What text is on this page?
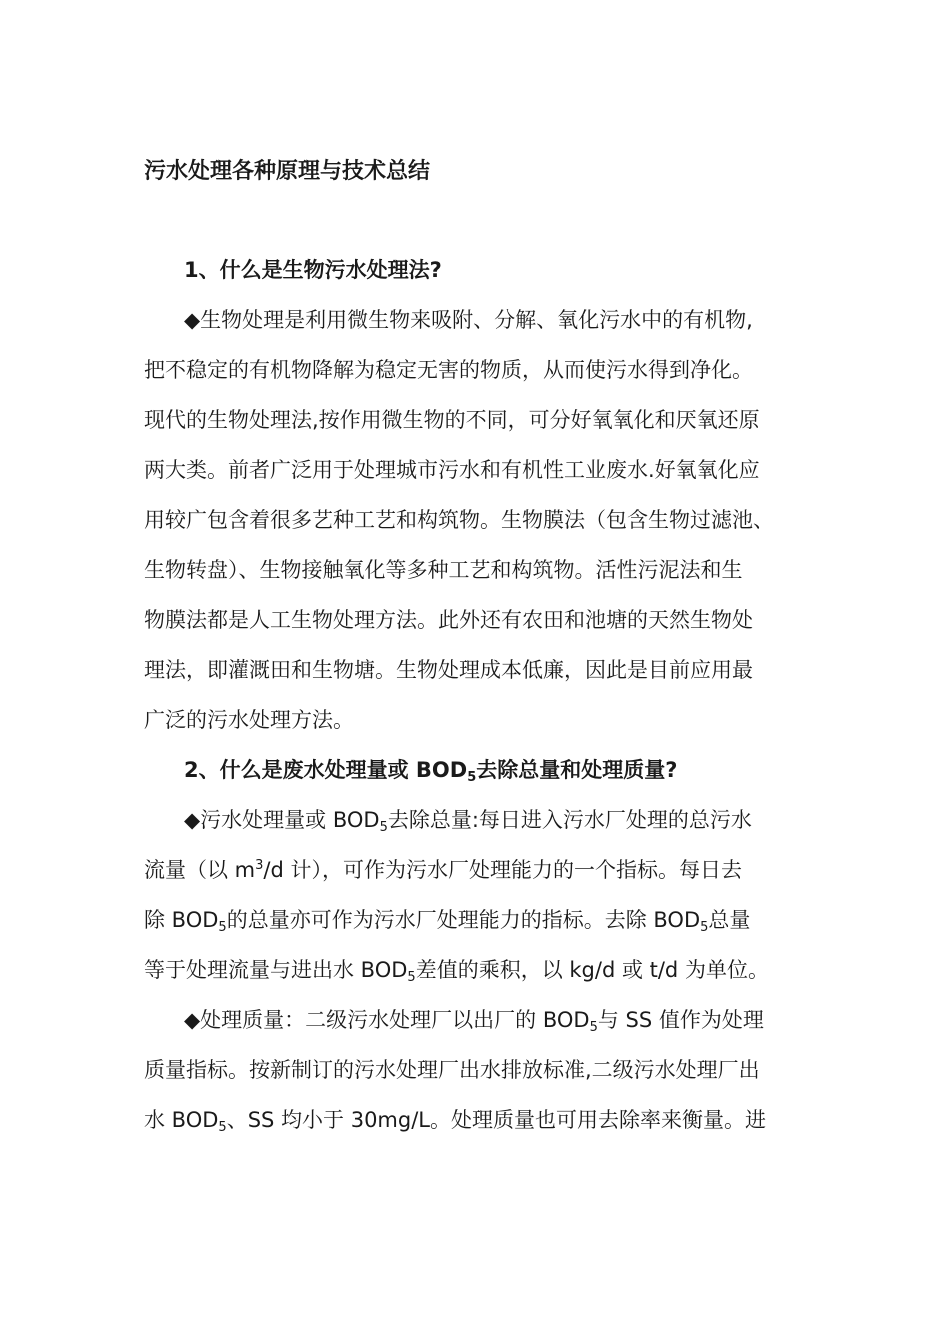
污水处理各种原理与技术总结
1、什么是生物污水处理法?
◆生物处理是利用微生物来吸附、分解、氧化污水中的有机物,
把不稳定的有机物降解为稳定无害的物质，从而使污水得到净化。
现代的生物处理法,按作用微生物的不同，可分好氧氧化和厌氧还原
两大类。前者广泛用于处理城市污水和有机性工业废水.好氧氧化应
用较广包含着很多艺种工艺和构筑物。生物膜法（包含生物过滤池、
生物转盘）、生物接触氧化等多种工艺和构筑物。活性污泥法和生
物膜法都是人工生物处理方法。此外还有农田和池塘的天然生物处
理法，即灌溉田和生物塘。生物处理成本低廉，因此是目前应用最
广泛的污水处理方法。
2、什么是废水处理量或 BOD5去除总量和处理质量?
◆污水处理量或 BOD5去除总量:每日进入污水厂处理的总污水
流量（以 $m^3/d$ 计），可作为污水厂处理能力的一个指标。每日去
除 BOD5的总量亦可作为污水厂处理能力的指标。去除 BOD5总量
等于处理流量与进出水 BOD5差值的乘积，以 kg/d 或 t/d 为单位。
◆处理质量：二级污水处理厂以出厂的 BOD5与 SS 值作为处理
质量指标。按新制订的污水处理厂出水排放标准,二级污水处理厂出
水 BOD5、SS 均小于 30mg/L。处理质量也可用去除率来衡量。进
